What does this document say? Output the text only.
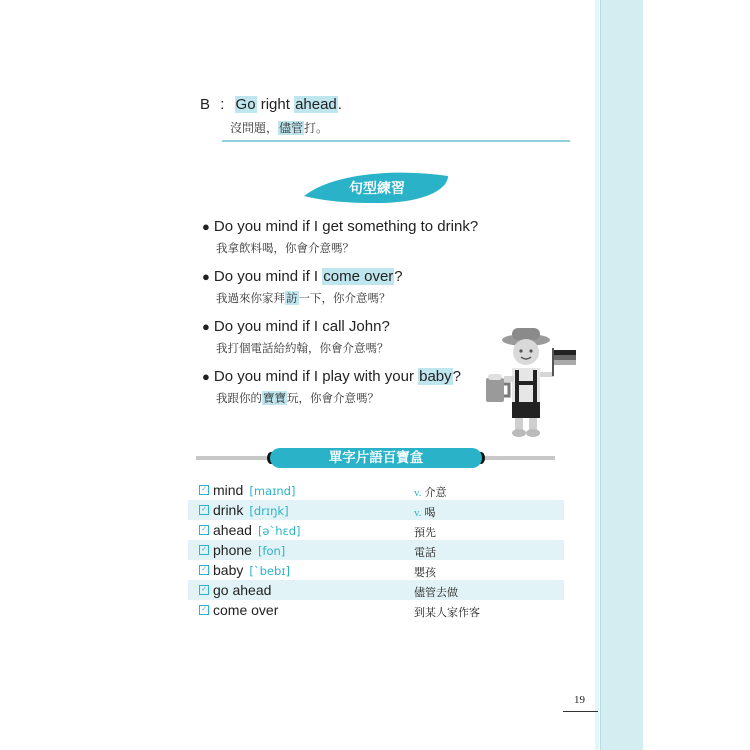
B : Go right ahead.
沒問題，儘管打。
句型練習
● Do you mind if I get something to drink?
我拿飲料喝，你會介意嗎？
● Do you mind if I come over?
我過來你家拜訪一下，你介意嗎？
● Do you mind if I call John?
我打個電話給約翰，你會介意嗎？
● Do you mind if I play with your baby?
我跟你的寶寶玩，你會介意嗎？
單字片語百寶盒
✓ mind [maɪnd]	v. 介意
✓ drink [drɪŋk]	v. 喝
✓ ahead [əˋhɛd]	預先
✓ phone [fon]	電話
✓ baby [ˋbebɪ]	嬰孩
✓ go ahead	儘管去做
✓ come over	到某人家作客
19
